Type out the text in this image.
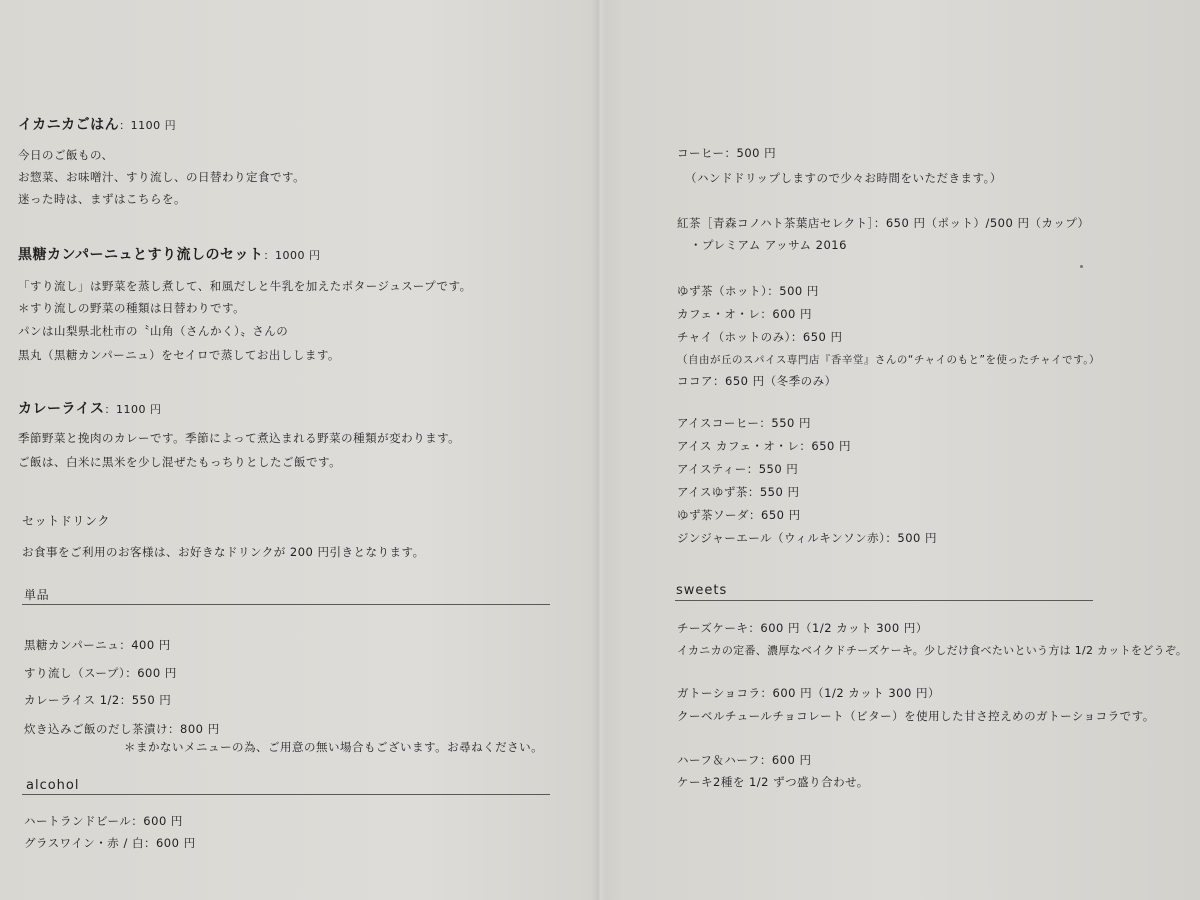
イカニカごはん：1100 円
今日のご飯もの、
お惣菜、お味噌汁、すり流し、の日替わり定食です。
迷った時は、まずはこちらを。
黒糖カンパーニュとすり流しのセット：1000 円
「すり流し」は野菜を蒸し煮して、和風だしと牛乳を加えたポタージュスープです。
＊すり流しの野菜の種類は日替わりです。
パンは山梨県北杜市の〝山角（さんかく）〟さんの
黒丸（黒糖カンパーニュ）をセイロで蒸してお出しします。
カレーライス：1100 円
季節野菜と挽肉のカレーです。季節によって煮込まれる野菜の種類が変わります。
ご飯は、白米に黒米を少し混ぜたもっちりとしたご飯です。
セットドリンク
お食事をご利用のお客様は、お好きなドリンクが 200 円引きとなります。
単品
黒糖カンパーニュ：400 円
すり流し（スープ）：600 円
カレーライス 1/2：550 円
炊き込みご飯のだし茶漬け：800 円
＊まかないメニューの為、ご用意の無い場合もございます。お尋ねください。
alcohol
ハートランドビール：600 円
グラスワイン・赤 / 白：600 円
コーヒー：500 円
（ハンドドリップしますので少々お時間をいただきます。）
紅茶［青森コノハト茶葉店セレクト］：650 円（ポット）/500 円（カップ）
・プレミアム アッサム 2016
ゆず茶（ホット）：500 円
カフェ・オ・レ：600 円
チャイ（ホットのみ）：650 円
（自由が丘のスパイス専門店『香辛堂』さんの“チャイのもと”を使ったチャイです。）
ココア：650 円（冬季のみ）
アイスコーヒー：550 円
アイス カフェ・オ・レ：650 円
アイスティー：550 円
アイスゆず茶：550 円
ゆず茶ソーダ：650 円
ジンジャーエール（ウィルキンソン赤）：500 円
sweets
チーズケーキ：600 円（1/2 カット 300 円）
イカニカの定番、濃厚なベイクドチーズケーキ。少しだけ食べたいという方は 1/2 カットをどうぞ。
ガトーショコラ：600 円（1/2 カット 300 円）
クーベルチュールチョコレート（ビター）を使用した甘さ控えめのガトーショコラです。
ハーフ＆ハーフ：600 円
ケーキ2種を 1/2 ずつ盛り合わせ。
